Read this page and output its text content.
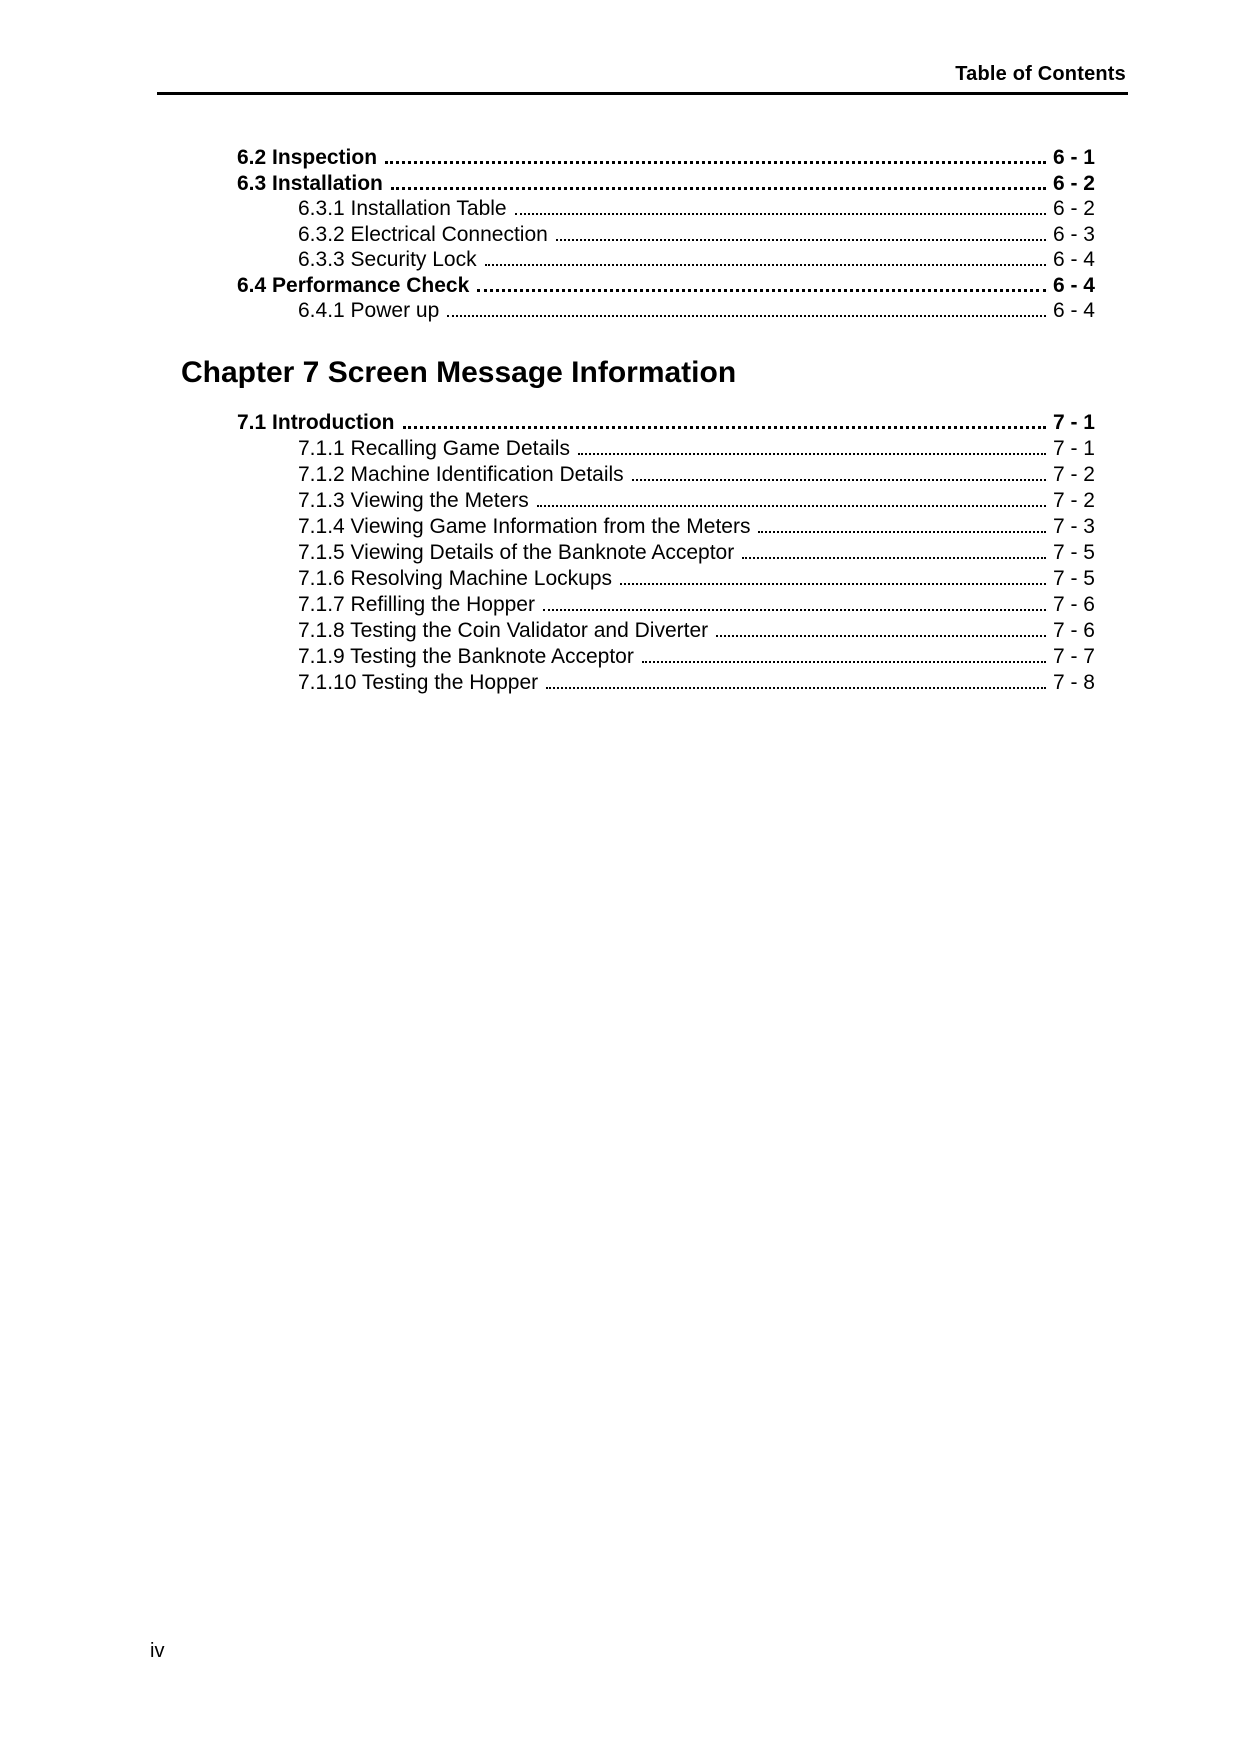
Table of Contents
6.2 Inspection	6 - 1
6.3 Installation	6 - 2
6.3.1 Installation Table	6 - 2
6.3.2 Electrical Connection	6 - 3
6.3.3 Security Lock	6 - 4
6.4 Performance Check	6 - 4
6.4.1 Power up	6 - 4
Chapter 7 Screen Message Information
7.1 Introduction	7 - 1
7.1.1 Recalling Game Details	7 - 1
7.1.2 Machine Identification Details	7 - 2
7.1.3 Viewing the Meters	7 - 2
7.1.4 Viewing Game Information from the Meters	7 - 3
7.1.5 Viewing Details of the Banknote Acceptor	7 - 5
7.1.6 Resolving Machine Lockups	7 - 5
7.1.7 Refilling the Hopper	7 - 6
7.1.8 Testing the Coin Validator and Diverter	7 - 6
7.1.9 Testing the Banknote Acceptor	7 - 7
7.1.10 Testing the Hopper	7 - 8
iv
